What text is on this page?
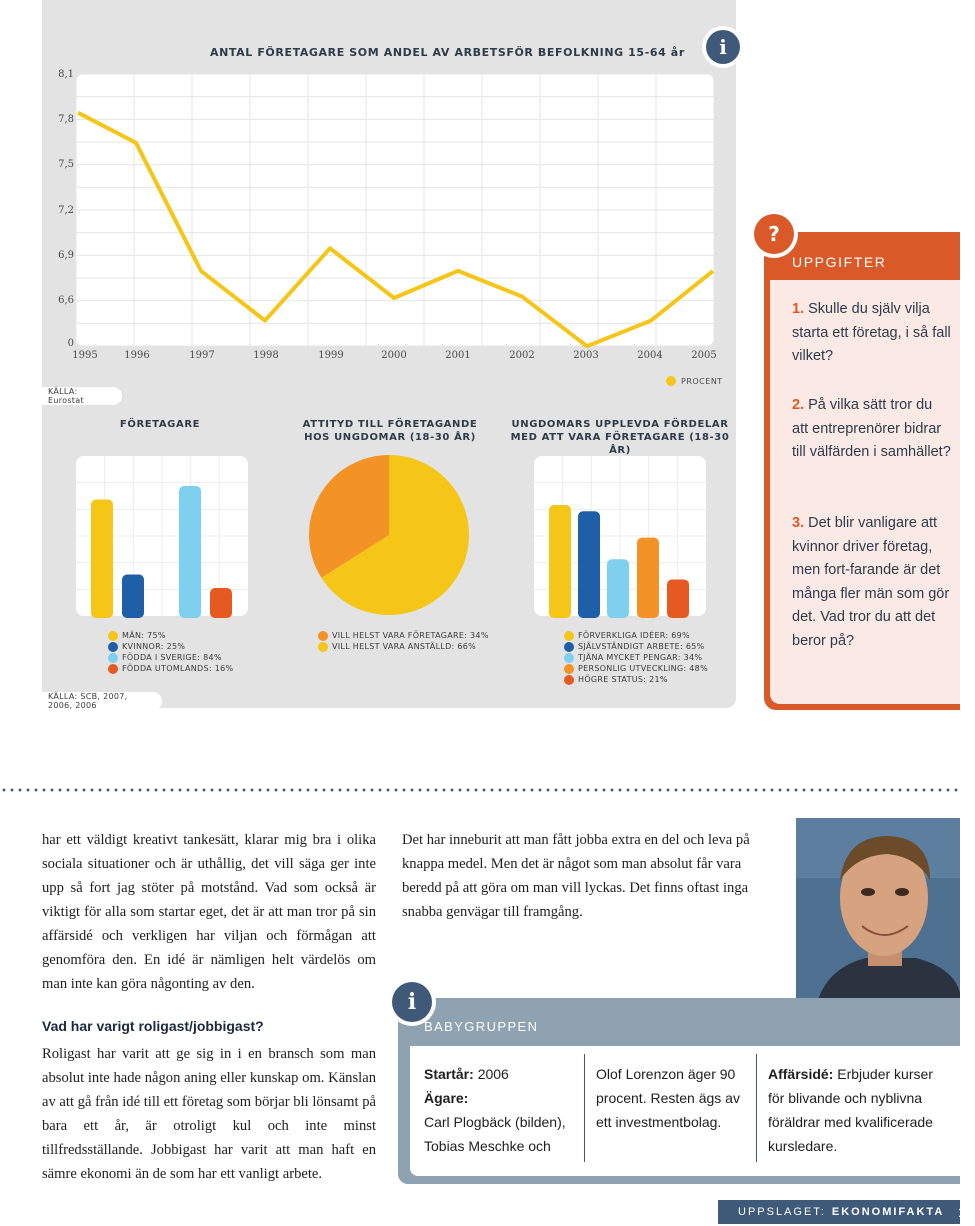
ANTAL FÖRETAGARE SOM ANDEL AV ARBETSFÖR BEFOLKNING 15-64 år	i
8,1
7,8
7,5
7,2
6,9
6,6
0
1995	1996	1997	1998	1999	2000	2001	2002	2003	2004	2005
KÄLLA: Eurostat
PROCENT
FÖRETAGARE	ATTITYD TILL FÖRETAGANDE
HOS UNGDOMAR (18-30 ÅR)
UNGDOMARS UPPLEVDA FÖRDELAR
MED ATT VARA FÖRETAGARE (18-30 ÅR)
MÄN: 75%
KVINNOR: 25%
FÖDDA I SVERIGE: 84%
FÖDDA UTOMLANDS: 16%
VILL HELST VARA FÖRETAGARE: 34%
VILL HELST VARA ANSTÄLLD: 66%
FÖRVERKLIGA IDÉER: 69%
SJÄLVSTÄNDIGT ARBETE: 65%
TJÄNA MYCKET PENGAR: 34%
PERSONLIG UTVECKLING: 48%
HÖGRE STATUS: 21%
KÄLLA: SCB, 2007, 2006, 2006
?
UPPGIFTER
1. Skulle du själv vilja starta ett företag, i så fall vilket?
2. På vilka sätt tror du att entreprenörer bidrar till välfärden i samhället?
3. Det blir vanligare att kvinnor driver företag, men fort-farande är det många fler män som gör det. Vad tror du att det beror på?
har ett väldigt kreativt tankesätt, klarar mig bra i olika sociala situationer och är uthållig, det vill säga ger inte upp så fort jag stöter på motstånd. Vad som också är viktigt för alla som startar eget, det är att man tror på sin affärsidé och verkligen har viljan och förmågan att genomföra den. En idé är nämligen helt värdelös om man inte kan göra någonting av den.
Vad har varigt roligast/jobbigast?
Roligast har varit att ge sig in i en bransch som man absolut inte hade någon aning eller kunskap om. Känslan av att gå från idé till ett företag som börjar bli lönsamt på bara ett år, är otroligt kul och inte minst tillfredsställande. Jobbigast har varit att man haft en sämre ekonomi än de som har ett vanligt arbete.
Det har inneburit att man fått jobba extra en del och leva på knappa medel. Men det är något som man absolut får vara beredd på att göra om man vill lyckas. Det finns oftast inga snabba genvägar till framgång.
i
BABYGRUPPEN
Startår: 2006
Ägare:
Carl Plogbäck (bilden), Tobias Meschke och
Olof Lorenzon äger 90 procent. Resten ägs av ett investmentbolag.
Affärsidé: Erbjuder kurser för blivande och nyblivna föräldrar med kvalificerade kursledare.
UPPSLAGET: EKONOMIFAKTA 11
